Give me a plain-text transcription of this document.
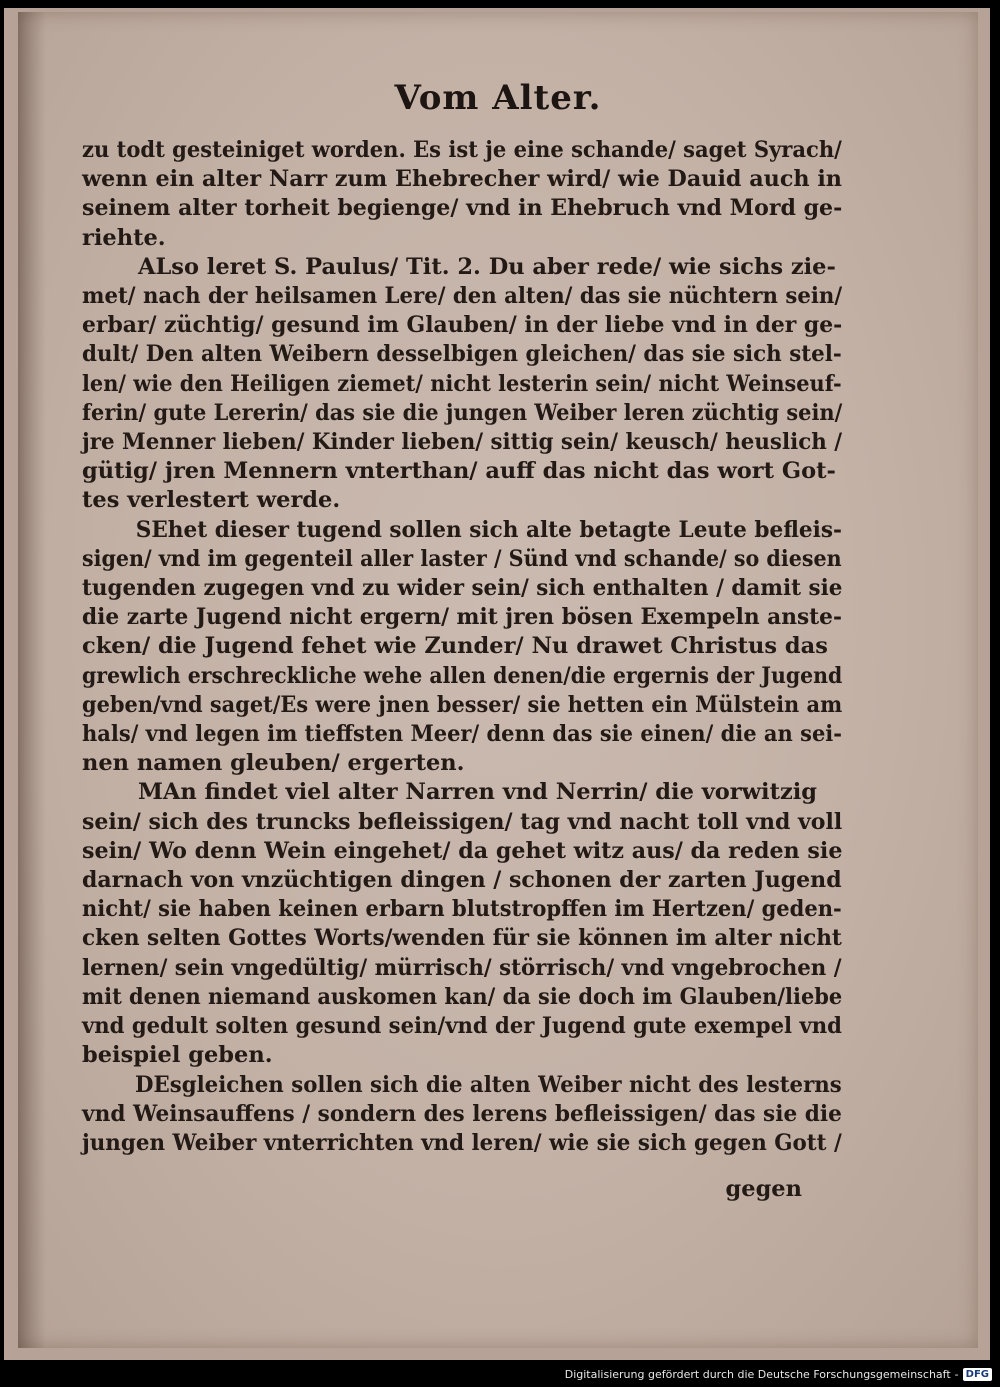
Vom Alter.
zu todt gesteiniget worden. Es ist je eine schande/ saget Syrach/
wenn ein alter Narr zum Ehebrecher wird/ wie Dauid auch in
seinem alter torheit begienge/ vnd in Ehebruch vnd Mord ge-
riehte.
ALso leret S. Paulus/ Tit. 2. Du aber rede/ wie sichs zie-
met/ nach der heilsamen Lere/ den alten/ das sie nüchtern sein/
erbar/ züchtig/ gesund im Glauben/ in der liebe vnd in der ge-
dult/ Den alten Weibern desselbigen gleichen/ das sie sich stel-
len/ wie den Heiligen ziemet/ nicht lesterin sein/ nicht Weinseuf-
ferin/ gute Lererin/ das sie die jungen Weiber leren züchtig sein/
jre Menner lieben/ Kinder lieben/ sittig sein/ keusch/ heuslich /
gütig/ jren Mennern vnterthan/ auff das nicht das wort Got-
tes verlestert werde.
SEhet dieser tugend sollen sich alte betagte Leute befleis-
sigen/ vnd im gegenteil aller laster / Sünd vnd schande/ so diesen
tugenden zugegen vnd zu wider sein/ sich enthalten / damit sie
die zarte Jugend nicht ergern/ mit jren bösen Exempeln anste-
cken/ die Jugend fehet wie Zunder/ Nu drawet Christus das
grewlich erschreckliche wehe allen denen/die ergernis der Jugend
geben/vnd saget/Es were jnen besser/ sie hetten ein Mülstein am
hals/ vnd legen im tieffsten Meer/ denn das sie einen/ die an sei-
nen namen gleuben/ ergerten.
MAn findet viel alter Narren vnd Nerrin/ die vorwitzig
sein/ sich des truncks befleissigen/ tag vnd nacht toll vnd voll
sein/ Wo denn Wein eingehet/ da gehet witz aus/ da reden sie
darnach von vnzüchtigen dingen / schonen der zarten Jugend
nicht/ sie haben keinen erbarn blutstropffen im Hertzen/ geden-
cken selten Gottes Worts/wenden für sie können im alter nicht
lernen/ sein vngedültig/ mürrisch/ störrisch/ vnd vngebrochen /
mit denen niemand auskomen kan/ da sie doch im Glauben/liebe
vnd gedult solten gesund sein/vnd der Jugend gute exempel vnd
beispiel geben.
DEsgleichen sollen sich die alten Weiber nicht des lesterns
vnd Weinsauffens / sondern des lerens befleissigen/ das sie die
jungen Weiber vnterrichten vnd leren/ wie sie sich gegen Gott /
gegen
Digitalisierung gefördert durch die Deutsche Forschungsgemeinschaft - DFG
